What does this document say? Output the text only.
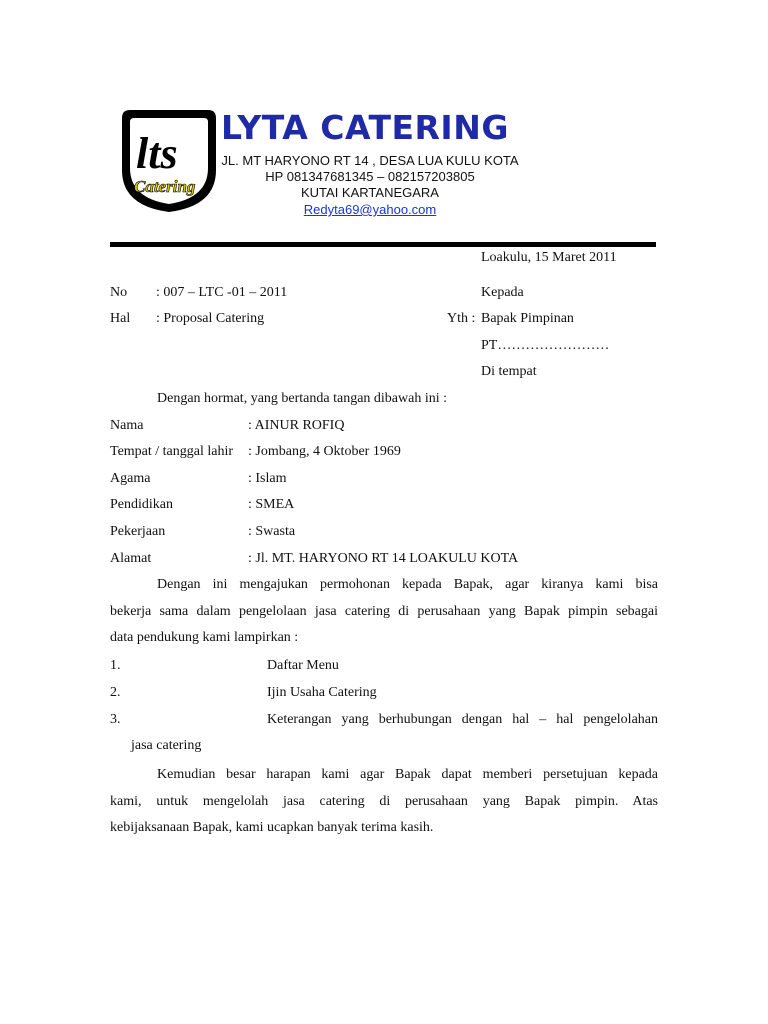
lts
Catering
LYTA CATERING
JL. MT HARYONO RT 14 , DESA LUA KULU KOTA
HP 081347681345 – 082157203805
KUTAI KARTANEGARA
Redyta69@yahoo.com
Loakulu, 15 Maret 2011
No : 007 – LTC -01 – 2011
Hal : Proposal Catering
Kepada
Yth : Bapak Pimpinan
PT……………………
Di tempat
Dengan hormat, yang bertanda tangan dibawah ini :
Nama	: AINUR ROFIQ
Tempat / tanggal lahir : Jombang, 4 Oktober 1969
Agama	: Islam
Pendidikan	: SMEA
Pekerjaan	: Swasta
Alamat	: Jl. MT. HARYONO RT 14 LOAKULU KOTA
Dengan ini mengajukan permohonan kepada Bapak, agar kiranya kami bisa
bekerja sama dalam pengelolaan jasa catering di perusahaan yang Bapak pimpin sebagai
data pendukung kami lampirkan :
1.	Daftar Menu
2.	Ijin Usaha Catering
3.	Keterangan yang berhubungan dengan hal – hal pengelolahan
jasa catering
Kemudian besar harapan kami agar Bapak dapat memberi persetujuan kepada
kami, untuk mengelolah jasa catering di perusahaan yang Bapak pimpin. Atas
kebijaksanaan Bapak, kami ucapkan banyak terima kasih.
